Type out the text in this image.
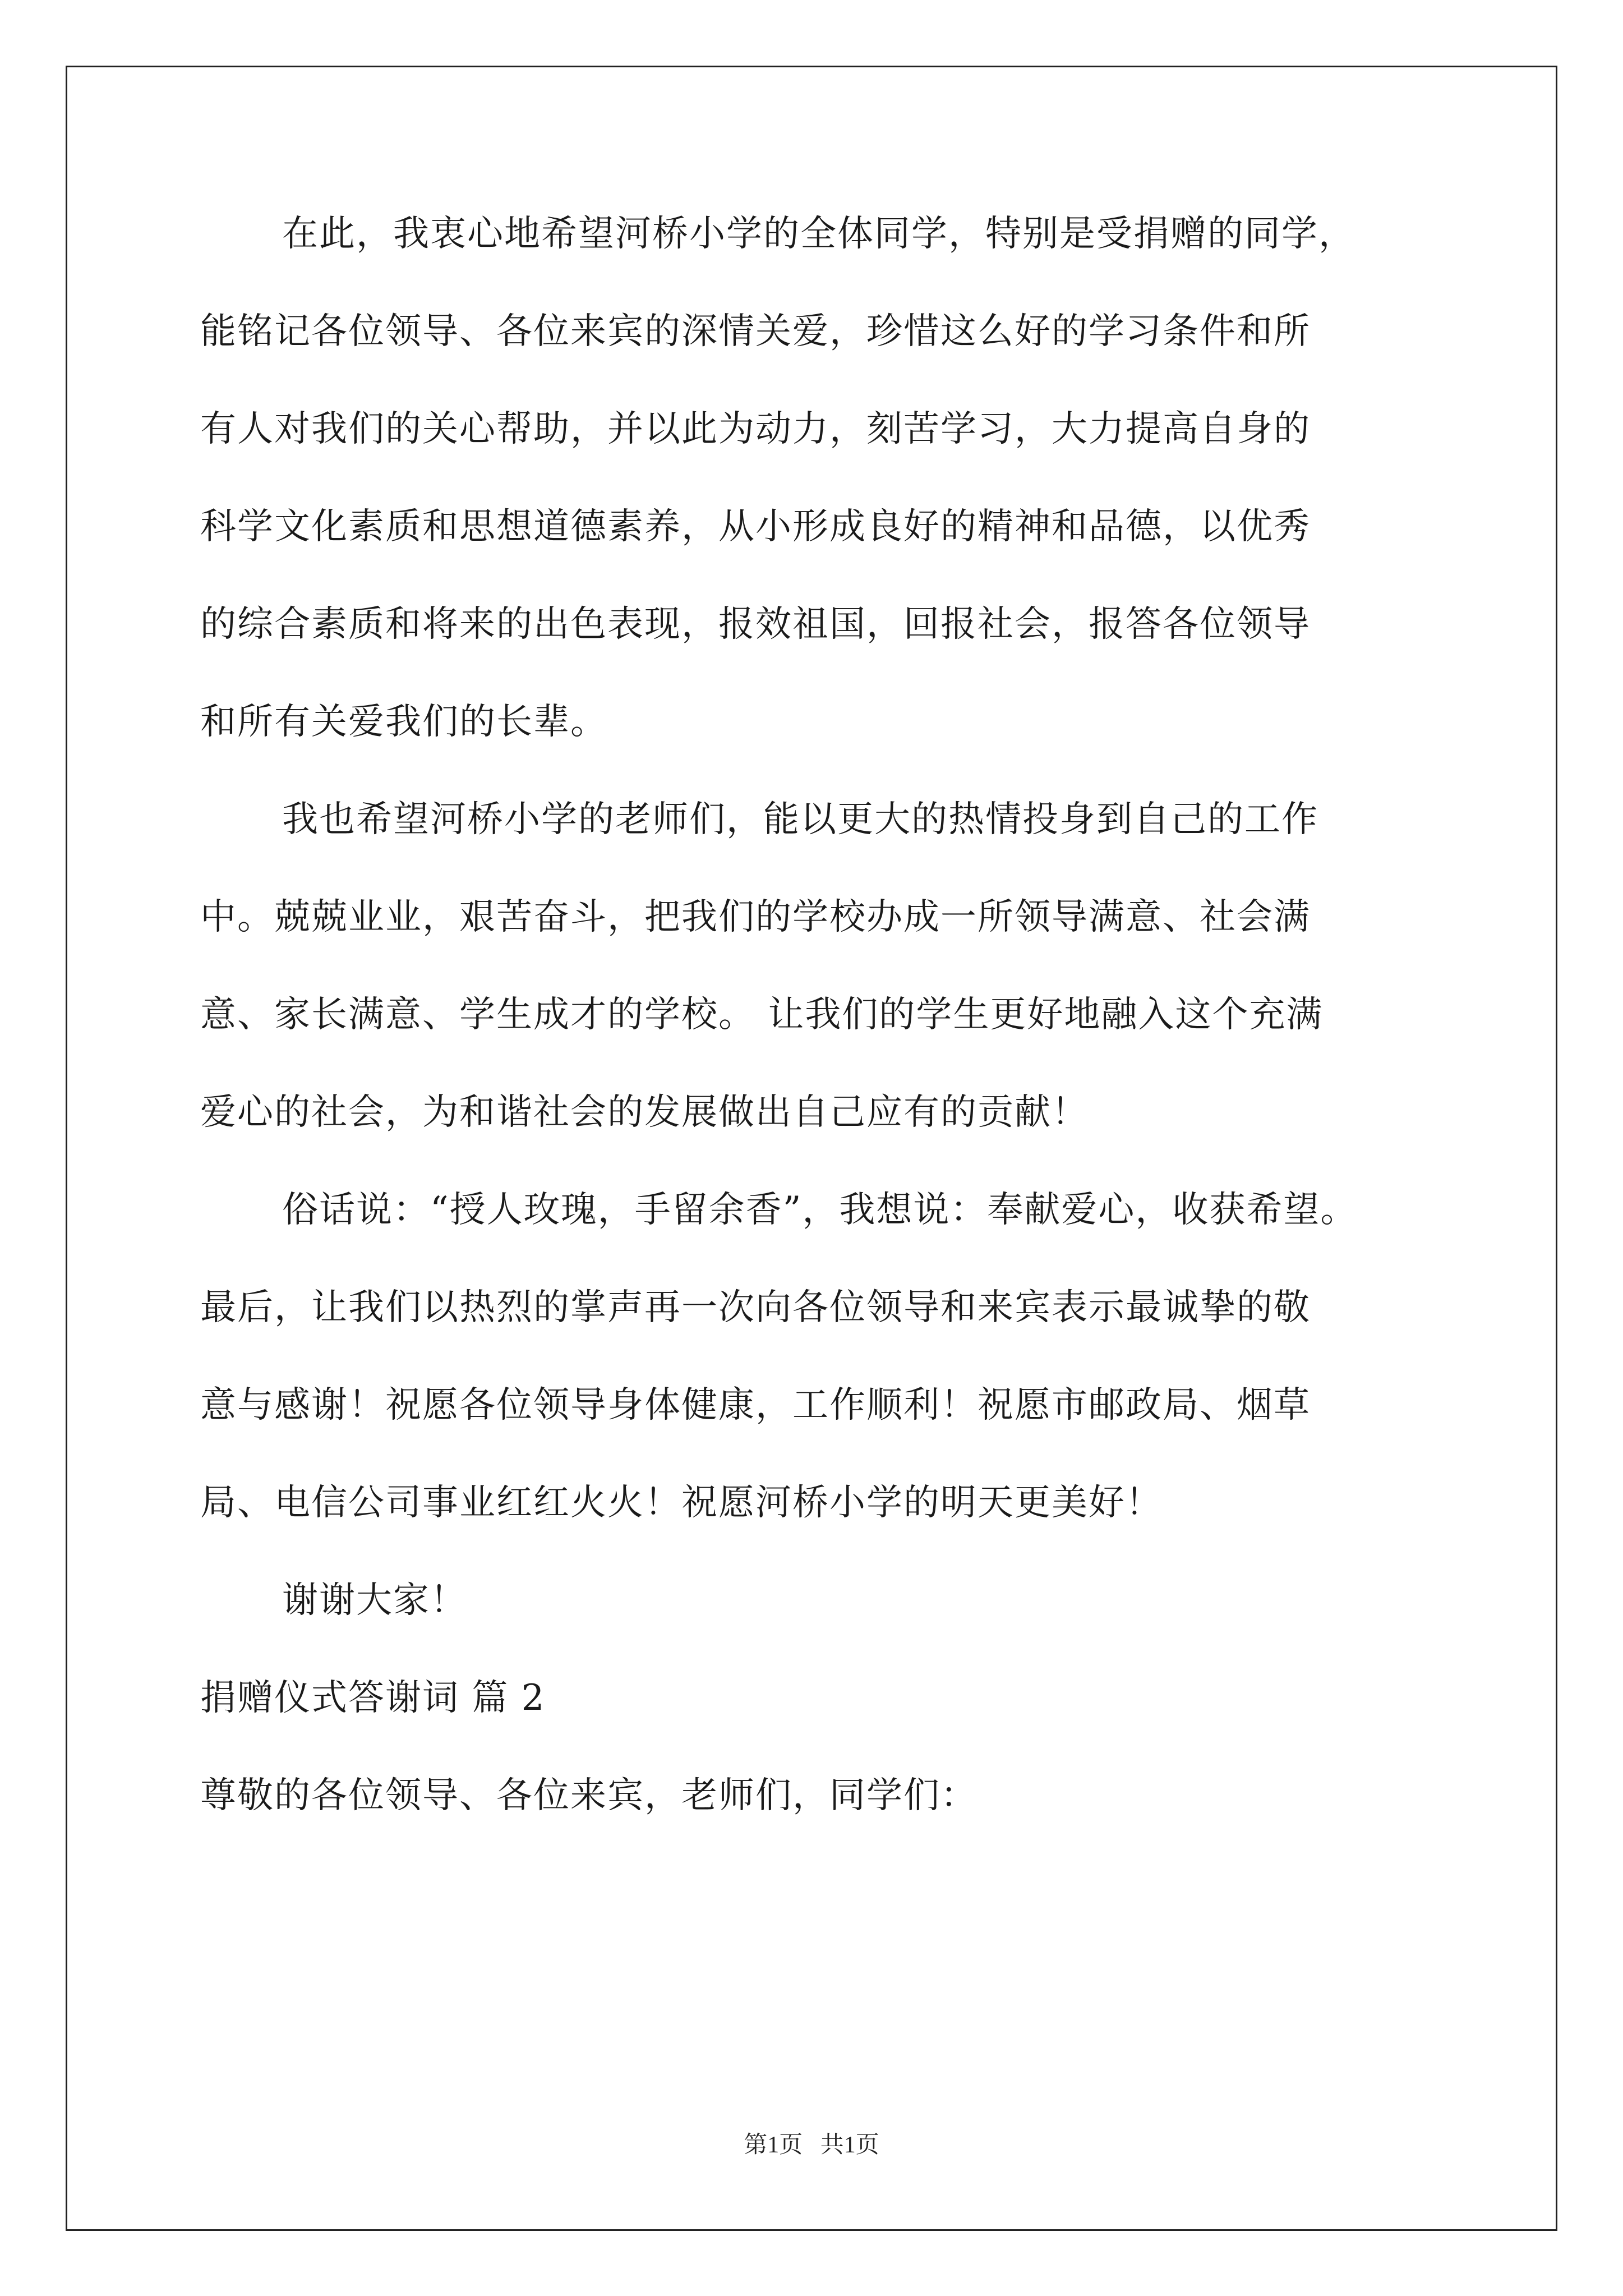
在此，我衷心地希望河桥小学的全体同学，特别是受捐赠的同学，

能铭记各位领导、各位来宾的深情关爱，珍惜这么好的学习条件和所

有人对我们的关心帮助，并以此为动力，刻苦学习，大力提高自身的

科学文化素质和思想道德素养，从小形成良好的精神和品德，以优秀

的综合素质和将来的出色表现，报效祖国，回报社会，报答各位领导

和所有关爱我们的长辈。

我也希望河桥小学的老师们，能以更大的热情投身到自己的工作

中。兢兢业业，艰苦奋斗，把我们的学校办成一所领导满意、社会满

意、家长满意、学生成才的学校。 让我们的学生更好地融入这个充满

爱心的社会，为和谐社会的发展做出自己应有的贡献！

俗话说：“授人玫瑰，手留余香”，我想说：奉献爱心，收获希望。

最后，让我们以热烈的掌声再一次向各位领导和来宾表示最诚挚的敬

意与感谢！祝愿各位领导身体健康，工作顺利！祝愿市邮政局、烟草

局、电信公司事业红红火火！祝愿河桥小学的明天更美好！

谢谢大家！

捐赠仪式答谢词 篇 2

尊敬的各位领导、各位来宾，老师们，同学们：

第1页   共1页
